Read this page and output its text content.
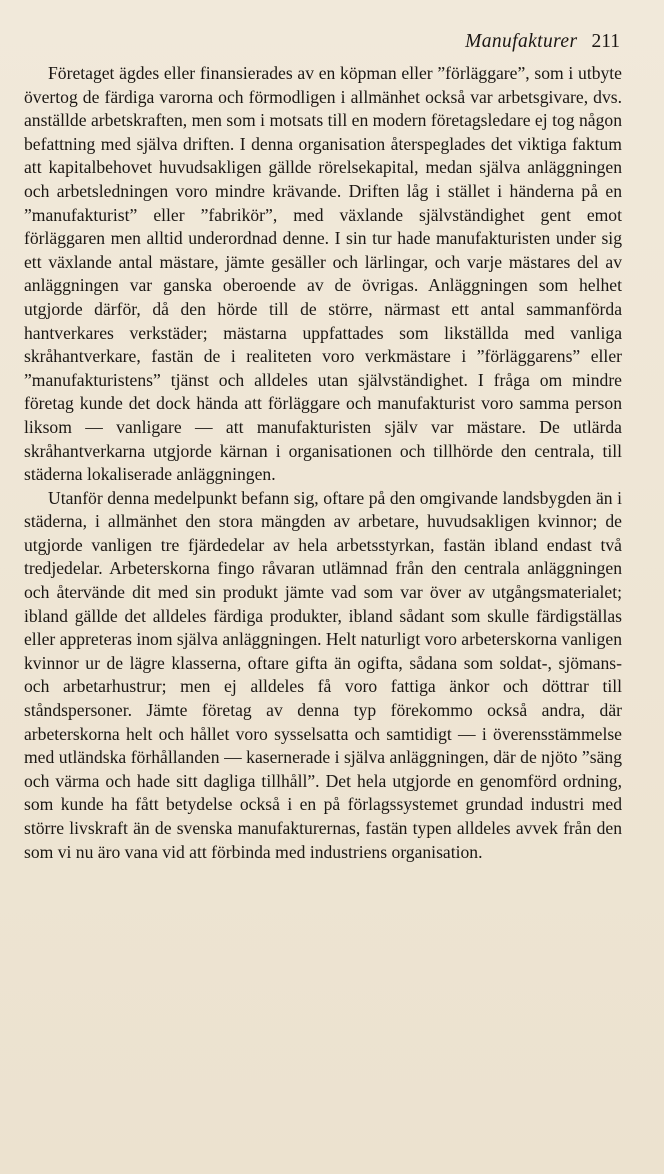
Manufakturer 211

Företaget ägdes eller finansierades av en köpman eller ”förläggare”, som i utbyte övertog de färdiga varorna och förmodligen i allmänhet också var arbetsgivare, dvs. anställde arbetskraften, men som i motsats till en modern företagsledare ej tog någon befattning med själva driften. I denna organisation återspeglades det viktiga faktum att kapitalbehovet huvudsakligen gällde rörelsekapital, medan själva anläggningen och arbetsledningen voro mindre krävande. Driften låg i stället i händerna på en ”manufakturist” eller ”fabrikör”, med växlande självständighet gent emot förläggaren men alltid underordnad denne. I sin tur hade manufakturisten under sig ett växlande antal mästare, jämte gesäller och lärlingar, och varje mästares del av anläggningen var ganska oberoende av de övrigas. Anläggningen som helhet utgjorde därför, då den hörde till de större, närmast ett antal sammanförda hantverkares verkstäder; mästarna uppfattades som likställda med vanliga skråhantverkare, fastän de i realiteten voro verkmästare i ”förläggarens” eller ”manufakturistens” tjänst och alldeles utan självständighet. I fråga om mindre företag kunde det dock hända att förläggare och manufakturist voro samma person liksom — vanligare — att manufakturisten själv var mästare. De utlärda skråhantverkarna utgjorde kärnan i organisationen och tillhörde den centrala, till städerna lokaliserade anläggningen.

Utanför denna medelpunkt befann sig, oftare på den omgivande landsbygden än i städerna, i allmänhet den stora mängden av arbetare, huvudsakligen kvinnor; de utgjorde vanligen tre fjärdedelar av hela arbetsstyrkan, fastän ibland endast två tredjedelar. Arbeterskorna fingo råvaran utlämnad från den centrala anläggningen och återvände dit med sin produkt jämte vad som var över av utgångsmaterialet; ibland gällde det alldeles färdiga produkter, ibland sådant som skulle färdigställas eller appreteras inom själva anläggningen. Helt naturligt voro arbeterskorna vanligen kvinnor ur de lägre klasserna, oftare gifta än ogifta, sådana som soldat-, sjömans- och arbetarhustrur; men ej alldeles få voro fattiga änkor och döttrar till ståndspersoner. Jämte företag av denna typ förekommo också andra, där arbeterskorna helt och hållet voro sysselsatta och samtidigt — i överensstämmelse med utländska förhållanden — kasernerade i själva anläggningen, där de njöto ”säng och värma och hade sitt dagliga tillhåll”. Det hela utgjorde en genomförd ordning, som kunde ha fått betydelse också i en på förlagssystemet grundad industri med större livskraft än de svenska manufakturernas, fastän typen alldeles avvek från den som vi nu äro vana vid att förbinda med industriens organisation.
